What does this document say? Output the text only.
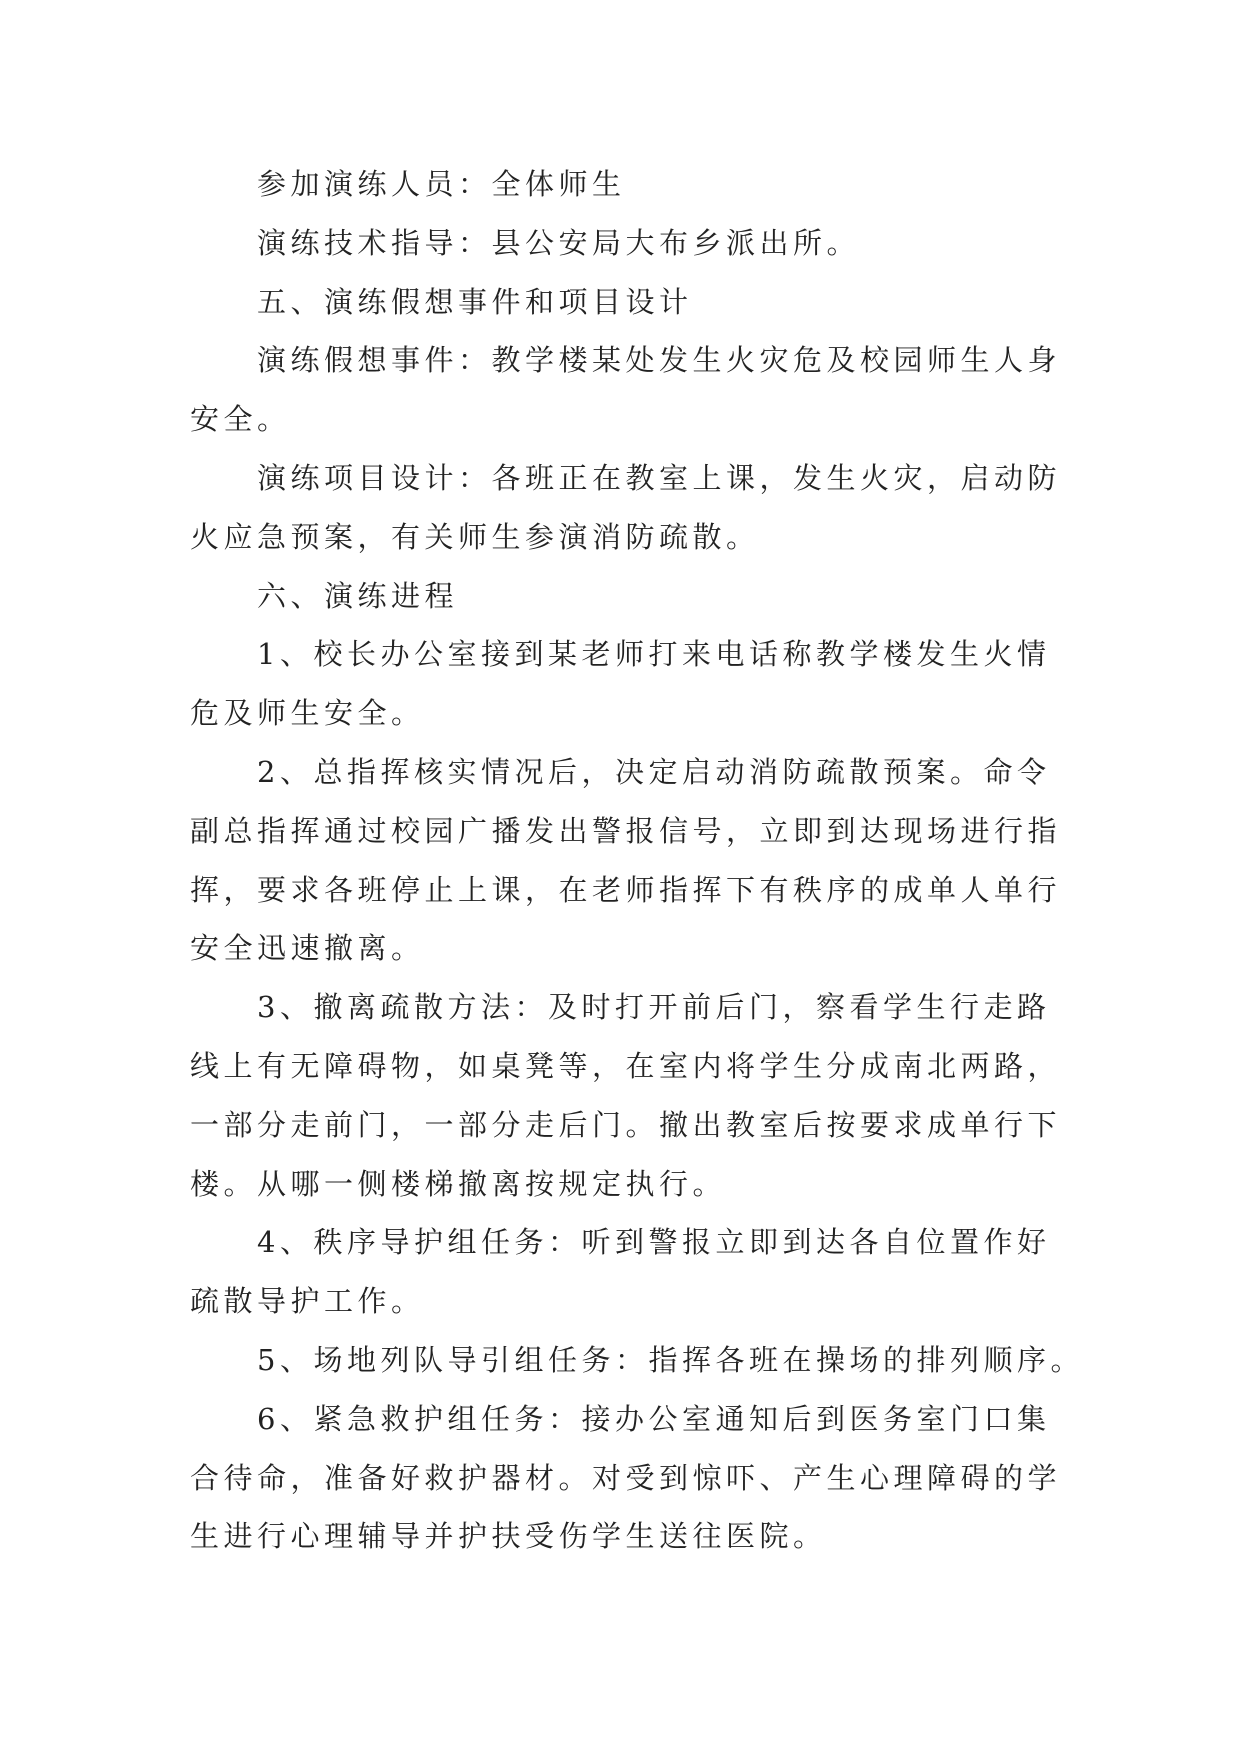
参加演练人员：全体师生
演练技术指导：县公安局大布乡派出所。
五、演练假想事件和项目设计
演练假想事件：教学楼某处发生火灾危及校园师生人身
安全。
演练项目设计：各班正在教室上课，发生火灾，启动防
火应急预案，有关师生参演消防疏散。
六、演练进程
1、校长办公室接到某老师打来电话称教学楼发生火情
危及师生安全。
2、总指挥核实情况后，决定启动消防疏散预案。命令
副总指挥通过校园广播发出警报信号，立即到达现场进行指
挥，要求各班停止上课，在老师指挥下有秩序的成单人单行
安全迅速撤离。
3、撤离疏散方法：及时打开前后门，察看学生行走路
线上有无障碍物，如桌凳等，在室内将学生分成南北两路，
一部分走前门，一部分走后门。撤出教室后按要求成单行下
楼。从哪一侧楼梯撤离按规定执行。
4、秩序导护组任务：听到警报立即到达各自位置作好
疏散导护工作。
5、场地列队导引组任务：指挥各班在操场的排列顺序。
6、紧急救护组任务：接办公室通知后到医务室门口集
合待命，准备好救护器材。对受到惊吓、产生心理障碍的学
生进行心理辅导并护扶受伤学生送往医院。
